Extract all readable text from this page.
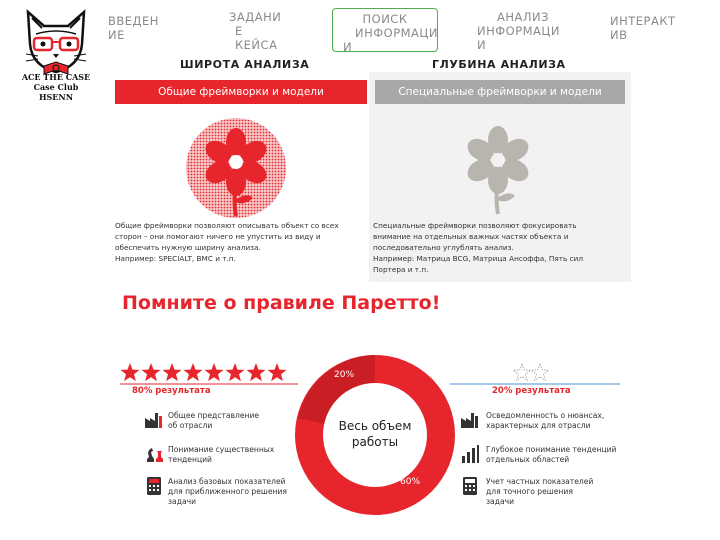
ACE THE CASE
Case Club
HSENN
ВВЕДЕН
ИЕ
ЗАДАНИ
Е
КЕЙСА
ПОИСК
ИНФОРМАЦИ
И
АНАЛИЗ
ИНФОРМАЦИ
И
ИНТЕРАКТ
ИВ
ШИРОТА АНАЛИЗА	ГЛУБИНА АНАЛИЗА
Общие фреймворки и модели
Общие фреймворки позволяют описывать объект со всех
сторон – они помогают ничего не упустить из виду и
обеспечить нужную ширину анализа.
Например: SPECIALT, BMC и т.п.
Специальные фреймворки и модели
Специальные фреймворки позволяют фокусировать
внимание на отдельных важных частях объекта и
последовательно углублять анализ.
Например: Матрица BCG, Матрица Ансоффа, Пять сил
Портера и т.п.
Помните о правиле Паретто!
80% результата	20% результата
20%
60%
Весь объем
работы
Общее представление
об отрасли
Понимание существенных
тенденций
Анализ базовых показателей
для приближенного решения
задачи
Осведомленность о нюансах,
характерных для отрасли
Глубокое понимание тенденций
отдельных областей
Учет частных показателей
для точного решения
задачи
